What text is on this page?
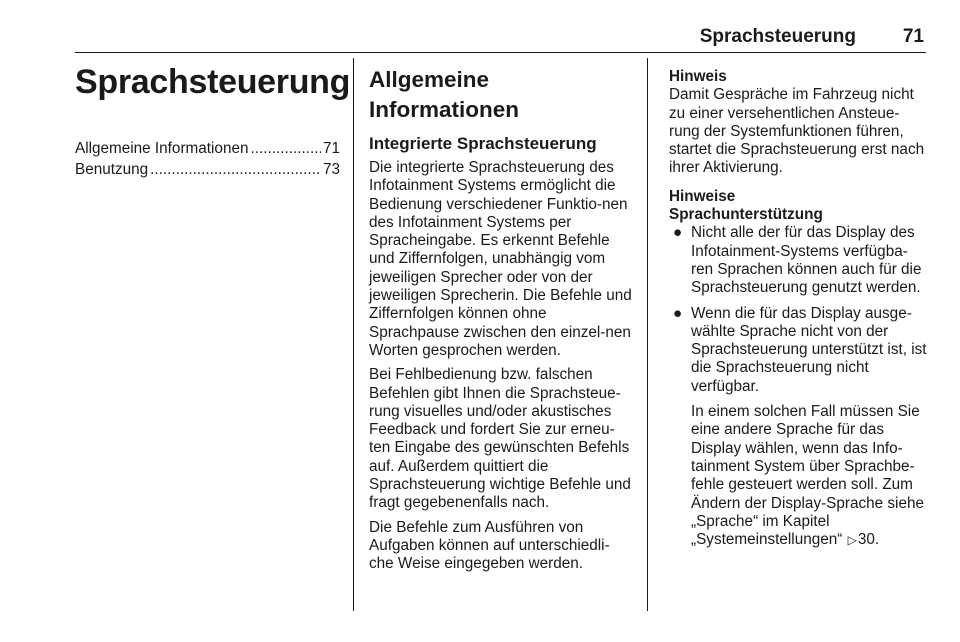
Sprachsteuerung 71
Sprachsteuerung
Allgemeine Informationen .....	71
Benutzung .....	73
Allgemeine Informationen
Integrierte Sprachsteuerung

Die integrierte Sprachsteuerung des Infotainment Systems ermöglicht die Bedienung verschiedener Funktio-nen des Infotainment Systems per Spracheingabe. Es erkennt Befehle und Ziffernfolgen, unabhängig vom jeweiligen Sprecher oder von der jeweiligen Sprecherin. Die Befehle und Ziffernfolgen können ohne Sprachpause zwischen den einzel-nen Worten gesprochen werden.

Bei Fehlbedienung bzw. falschen Befehlen gibt Ihnen die Sprachsteue-rung visuelles und/oder akustisches Feedback und fordert Sie zur erneu-ten Eingabe des gewünschten Befehls auf. Außerdem quittiert die Sprachsteuerung wichtige Befehle und fragt gegebenenfalls nach.

Die Befehle zum Ausführen von Aufgaben können auf unterschiedli-che Weise eingegeben werden.

Hinweis

Damit Gespräche im Fahrzeug nicht zu einer versehentlichen Ansteue-rung der Systemfunktionen führen, startet die Sprachsteuerung erst nach ihrer Aktivierung.

Hinweise

Sprachunterstützung

● Nicht alle der für das Display des Infotainment-Systems verfügba-ren Sprachen können auch für die Sprachsteuerung genutzt werden.
● Wenn die für das Display ausge-wählte Sprache nicht von der Sprachsteuerung unterstützt ist, ist die Sprachsteuerung nicht verfügbar.
In einem solchen Fall müssen Sie eine andere Sprache für das Display wählen, wenn das Info-tainment System über Sprachbe-fehle gesteuert werden soll. Zum Ändern der Display-Sprache siehe „Sprache“ im Kapitel „Systemeinstellungen“ ▷30.
